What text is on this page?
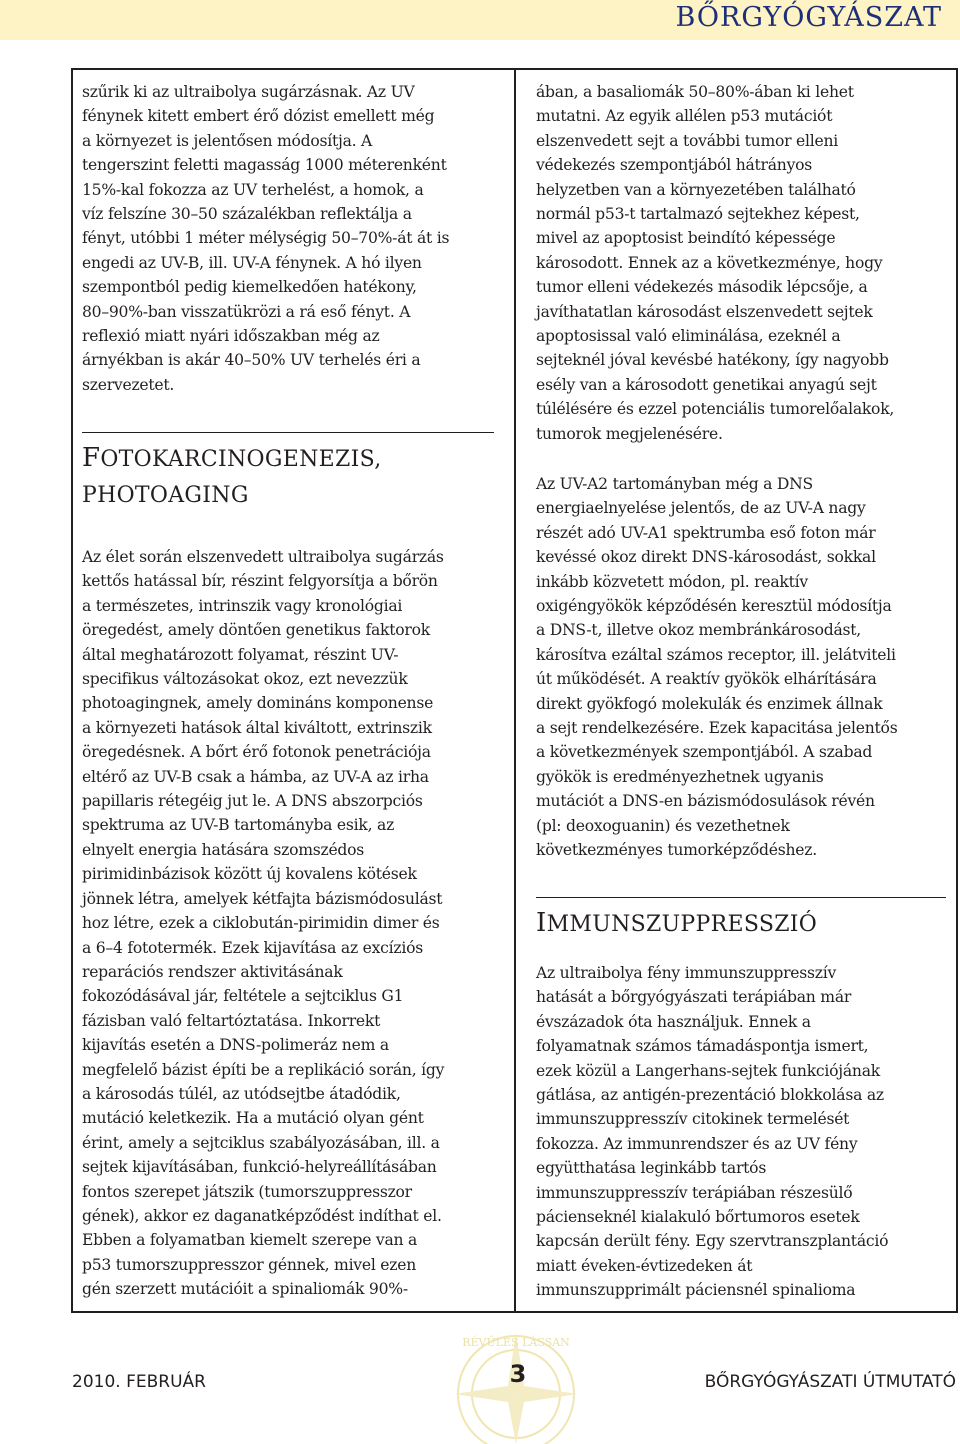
BŐRGYÓGYÁSZAT
szűrik ki az ultraibolya sugárzásnak. Az UV
fénynek kitett embert érő dózist emellett még
a környezet is jelentősen módosítja. A
tengerszint feletti magasság 1000 méterenként
15%-kal fokozza az UV terhelést, a homok, a
víz felszíne 30–50 százalékban reflektálja a
fényt, utóbbi 1 méter mélységig 50–70%-át át is
engedi az UV-B, ill. UV-A fénynek. A hó ilyen
szempontból pedig kiemelkedően hatékony,
80–90%-ban visszatükrözi a rá eső fényt. A
reflexió miatt nyári időszakban még az
árnyékban is akár 40–50% UV terhelés éri a
szervezetet.
FOTOKARCINOGENEZIS,
PHOTOAGING
Az élet során elszenvedett ultraibolya sugárzás
kettős hatással bír, részint felgyorsítja a bőrön
a természetes, intrinszik vagy kronológiai
öregedést, amely döntően genetikus faktorok
által meghatározott folyamat, részint UV-
specifikus változásokat okoz, ezt nevezzük
photoagingnek, amely domináns komponense
a környezeti hatások által kiváltott, extrinszik
öregedésnek. A bőrt érő fotonok penetrációja
eltérő az UV-B csak a hámba, az UV-A az irha
papillaris rétegéig jut le. A DNS abszorpciós
spektruma az UV-B tartományba esik, az
elnyelt energia hatására szomszédos
pirimidinbázisok között új kovalens kötések
jönnek létra, amelyek kétfajta bázismódosulást
hoz létre, ezek a ciklobután-pirimidin dimer és
a 6–4 fototermék. Ezek kijavítása az excíziós
reparációs rendszer aktivitásának
fokozódásával jár, feltétele a sejtciklus G1
fázisban való feltartóztatása. Inkorrekt
kijavítás esetén a DNS-polimeráz nem a
megfelelő bázist építi be a replikáció során, így
a károsodás túlél, az utódsejtbe átadódik,
mutáció keletkezik. Ha a mutáció olyan gént
érint, amely a sejtciklus szabályozásában, ill. a
sejtek kijavításában, funkció-helyreállításában
fontos szerepet játszik (tumorszuppresszor
gének), akkor ez daganatképződést indíthat el.
Ebben a folyamatban kiemelt szerepe van a
p53 tumorszuppresszor génnek, mivel ezen
gén szerzett mutációit a spinaliomák 90%-
ában, a basaliomák 50–80%-ában ki lehet
mutatni. Az egyik allélen p53 mutációt
elszenvedett sejt a további tumor elleni
védekezés szempontjából hátrányos
helyzetben van a környezetében található
normál p53-t tartalmazó sejtekhez képest,
mivel az apoptosist beindító képessége
károsodott. Ennek az a következménye, hogy
tumor elleni védekezés második lépcsője, a
javíthatatlan károsodást elszenvedett sejtek
apoptosissal való eliminálása, ezeknél a
sejteknél jóval kevésbé hatékony, így nagyobb
esély van a károsodott genetikai anyagú sejt
túlélésére és ezzel potenciális tumorelőalakok,
tumorok megjelenésére.
Az UV-A2 tartományban még a DNS
energiaelnyelése jelentős, de az UV-A nagy
részét adó UV-A1 spektrumba eső foton már
kevéssé okoz direkt DNS-károsodást, sokkal
inkább közvetett módon, pl. reaktív
oxigéngyökök képződésén keresztül módosítja
a DNS-t, illetve okoz membránkárosodást,
károsítva ezáltal számos receptor, ill. jelátviteli
út működését. A reaktív gyökök elhárítására
direkt gyökfogó molekulák és enzimek állnak
a sejt rendelkezésére. Ezek kapacitása jelentős
a következmények szempontjából. A szabad
gyökök is eredményezhetnek ugyanis
mutációt a DNS-en bázismódosulások révén
(pl: deoxoguanin) és vezethetnek
következményes tumorképződéshez.
IMMUNSZUPPRESSZIÓ
Az ultraibolya fény immunszuppresszív
hatását a bőrgyógyászati terápiában már
évszázadok óta használjuk. Ennek a
folyamatnak számos támadáspontja ismert,
ezek közül a Langerhans-sejtek funkciójának
gátlása, az antigén-prezentáció blokkolása az
immunszuppresszív citokinek termelését
fokozza. Az immunrendszer és az UV fény
együtthatása leginkább tartós
immunszuppresszív terápiában részesülő
pácienseknél kialakuló bőrtumoros esetek
kapcsán derült fény. Egy szervtranszplantáció
miatt éveken-évtizedeken át
immunszupprimált páciensnél spinalioma
RÉVÜLÉS LÁSSAN
2010. FEBRUÁR	3	BŐRGYÓGYÁSZATI ÚTMUTATÓ
